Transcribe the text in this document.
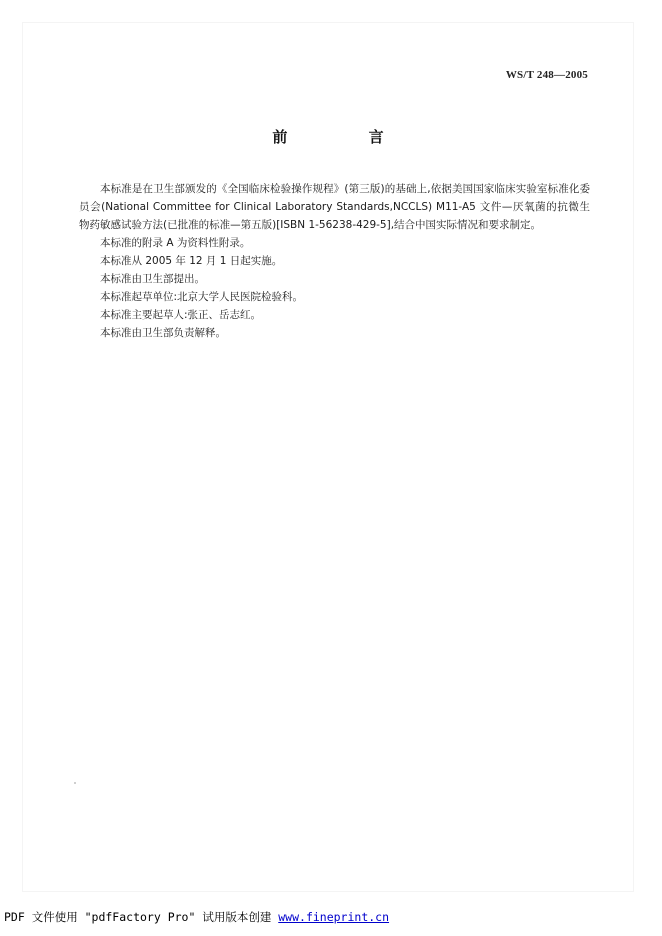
WS/T 248—2005
前 言

本标准是在卫生部颁发的《全国临床检验操作规程》(第三版)的基础上,依据美国国家临床实验室标准化委员会(National Committee for Clinical Laboratory Standards,NCCLS) M11-A5 文件—厌氧菌的抗微生物药敏感试验方法(已批准的标准—第五版)[ISBN 1-56238-429-5],结合中国实际情况和要求制定。

本标准的附录 A 为资料性附录。

本标准从 2005 年 12 月 1 日起实施。

本标准由卫生部提出。

本标准起草单位:北京大学人民医院检验科。

本标准主要起草人:张正、岳志红。

本标准由卫生部负责解释。

PDF 文件使用 "pdfFactory Pro" 试用版本创建 www.fineprint.cn
